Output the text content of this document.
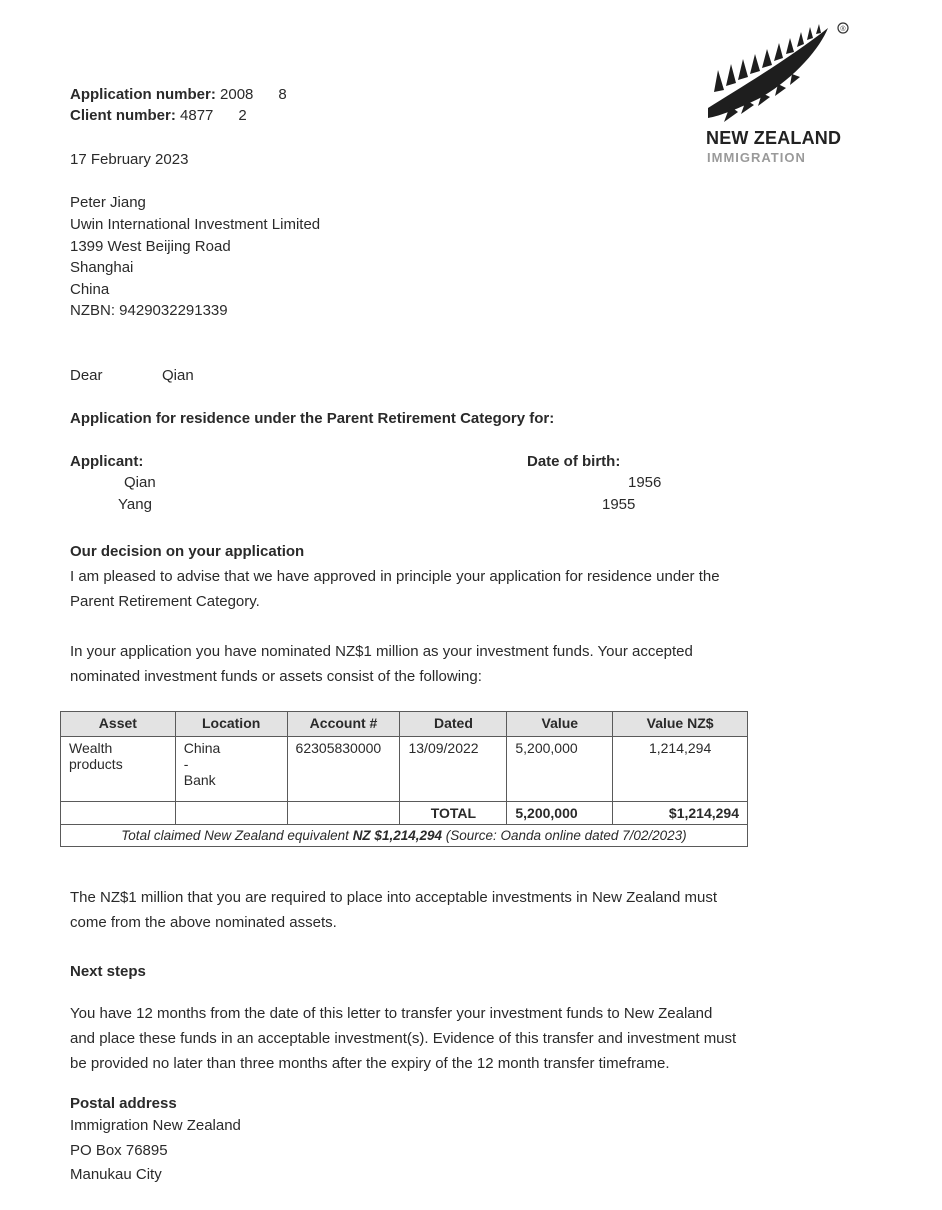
®
NEW ZEALAND
IMMIGRATION
Application number: 2008      8
Client number: 4877      2
17 February 2023
Peter Jiang
Uwin International Investment Limited
1399 West Beijing Road
Shanghai
China
NZBN: 9429032291339
Dear	Qian
Application for residence under the Parent Retirement Category for:
Applicant:	Date of birth:
Qian	1956
Yang	1955
Our decision on your application
I am pleased to advise that we have approved in principle your application for residence under the
Parent Retirement Category.
In your application you have nominated NZ$1 million as your investment funds. Your accepted
nominated investment funds or assets consist of the following:
Asset	Location	Account #	Dated	Value	Value NZ$

Wealth
products	China
-
Bank	62305830000	13/09/2022	5,200,000	1,214,294
			TOTAL	5,200,000	$1,214,294
Total claimed New Zealand equivalent NZ $1,214,294 (Source: Oanda online dated 7/02/2023)					
The NZ$1 million that you are required to place into acceptable investments in New Zealand must
come from the above nominated assets.
Next steps
You have 12 months from the date of this letter to transfer your investment funds to New Zealand
and place these funds in an acceptable investment(s). Evidence of this transfer and investment must
be provided no later than three months after the expiry of the 12 month transfer timeframe.
Postal address
Immigration New Zealand
PO Box 76895
Manukau City
